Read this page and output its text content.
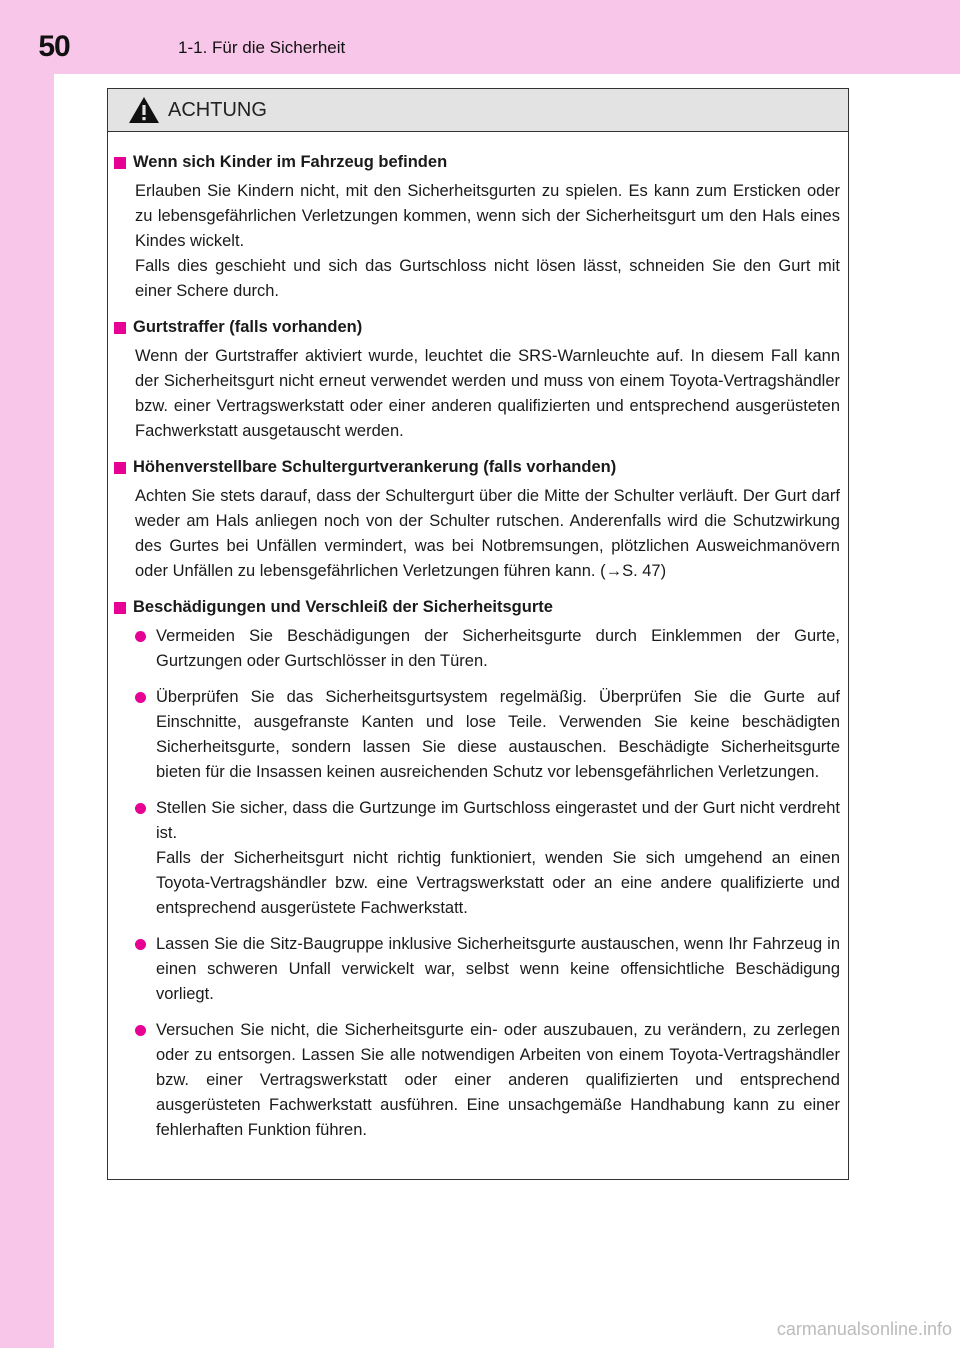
50	1-1. Für die Sicherheit
ACHTUNG
Wenn sich Kinder im Fahrzeug befinden
Erlauben Sie Kindern nicht, mit den Sicherheitsgurten zu spielen. Es kann zum Ersticken oder zu lebensgefährlichen Verletzungen kommen, wenn sich der Sicherheitsgurt um den Hals eines Kindes wickelt.
Falls dies geschieht und sich das Gurtschloss nicht lösen lässt, schneiden Sie den Gurt mit einer Schere durch.
Gurtstraffer (falls vorhanden)
Wenn der Gurtstraffer aktiviert wurde, leuchtet die SRS-Warnleuchte auf. In diesem Fall kann der Sicherheitsgurt nicht erneut verwendet werden und muss von einem Toyota-Vertragshändler bzw. einer Vertragswerkstatt oder einer anderen qualifizierten und entsprechend ausgerüsteten Fachwerkstatt ausgetauscht werden.
Höhenverstellbare Schultergurtverankerung (falls vorhanden)
Achten Sie stets darauf, dass der Schultergurt über die Mitte der Schulter verläuft. Der Gurt darf weder am Hals anliegen noch von der Schulter rutschen. Anderenfalls wird die Schutzwirkung des Gurtes bei Unfällen vermindert, was bei Notbremsungen, plötzlichen Ausweichmanövern oder Unfällen zu lebensgefährlichen Verletzungen führen kann. (→S. 47)
Beschädigungen und Verschleiß der Sicherheitsgurte
Vermeiden Sie Beschädigungen der Sicherheitsgurte durch Einklemmen der Gurte, Gurtzungen oder Gurtschlösser in den Türen.
Überprüfen Sie das Sicherheitsgurtsystem regelmäßig. Überprüfen Sie die Gurte auf Einschnitte, ausgefranste Kanten und lose Teile. Verwenden Sie keine beschädigten Sicherheitsgurte, sondern lassen Sie diese austauschen. Beschädigte Sicherheitsgurte bieten für die Insassen keinen ausreichenden Schutz vor lebensgefährlichen Verletzungen.
Stellen Sie sicher, dass die Gurtzunge im Gurtschloss eingerastet und der Gurt nicht verdreht ist.
Falls der Sicherheitsgurt nicht richtig funktioniert, wenden Sie sich umgehend an einen Toyota-Vertragshändler bzw. eine Vertragswerkstatt oder an eine andere qualifizierte und entsprechend ausgerüstete Fachwerkstatt.
Lassen Sie die Sitz-Baugruppe inklusive Sicherheitsgurte austauschen, wenn Ihr Fahrzeug in einen schweren Unfall verwickelt war, selbst wenn keine offensichtliche Beschädigung vorliegt.
Versuchen Sie nicht, die Sicherheitsgurte ein- oder auszubauen, zu verändern, zu zerlegen oder zu entsorgen. Lassen Sie alle notwendigen Arbeiten von einem Toyota-Vertragshändler bzw. einer Vertragswerkstatt oder einer anderen qualifizierten und entsprechend ausgerüsteten Fachwerkstatt ausführen. Eine unsachgemäße Handhabung kann zu einer fehlerhaften Funktion führen.
carmanualsonline.info
